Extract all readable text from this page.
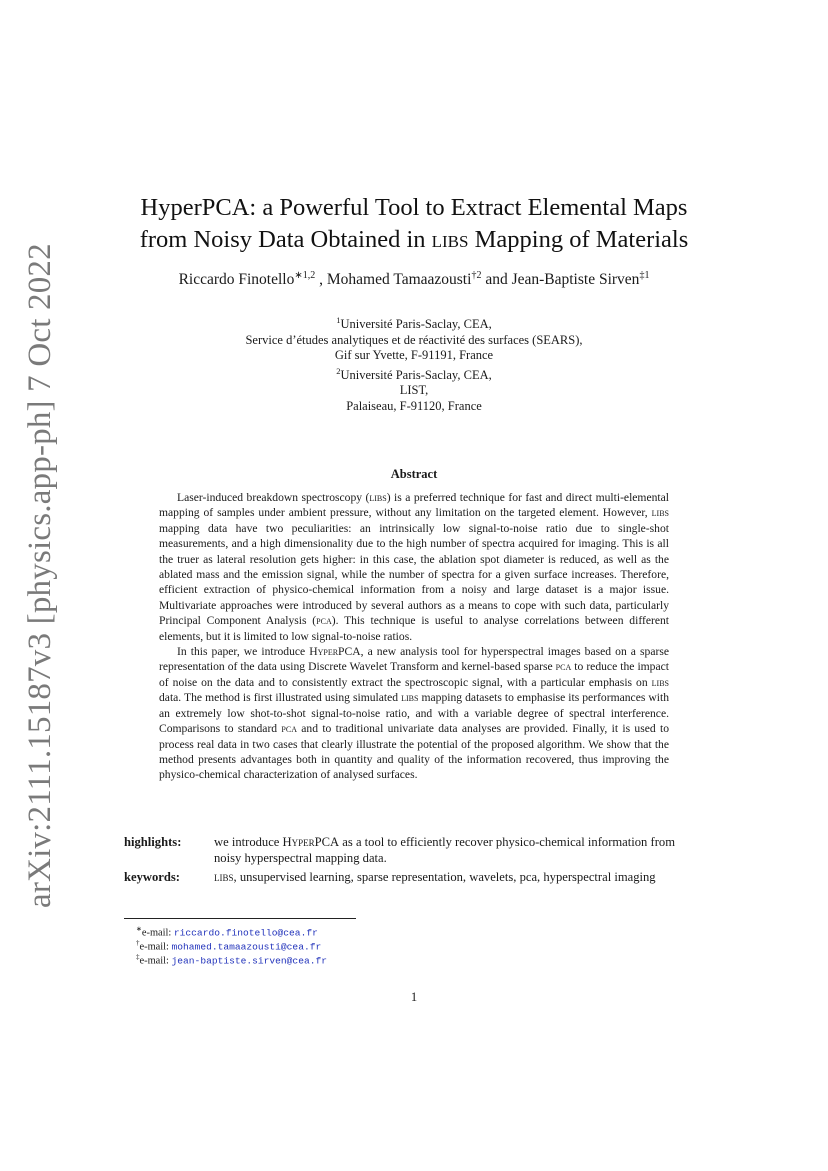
arXiv:2111.15187v3 [physics.app-ph] 7 Oct 2022
HyperPCA: a Powerful Tool to Extract Elemental Maps
from Noisy Data Obtained in libs Mapping of Materials
Riccardo Finotello$^{∗1,2}$ , Mohamed Tamaazousti$^{\dagger 2}$ and Jean-Baptiste Sirven$^{\ddagger 1}$
$^1$Université Paris-Saclay, CEA,
Service d’études analytiques et de réactivité des surfaces (SEARS),
Gif sur Yvette, F-91191, France
$^2$Université Paris-Saclay, CEA,
LIST,
Palaiseau, F-91120, France
Abstract

Laser-induced breakdown spectroscopy (libs) is a preferred technique for fast and direct multi-elemental mapping of samples under ambient pressure, without any limitation on the targeted element. However, libs mapping data have two peculiarities: an intrinsically low signal-to-noise ratio due to single-shot measurements, and a high dimensionality due to the high number of spectra acquired for imaging. This is all the truer as lateral resolution gets higher: in this case, the ablation spot diameter is reduced, as well as the ablated mass and the emission signal, while the number of spectra for a given surface increases. Therefore, efficient extraction of physico-chemical information from a noisy and large dataset is a major issue. Multivariate approaches were introduced by several authors as a means to cope with such data, particularly Principal Component Analysis (pca). This technique is useful to analyse correlations between different elements, but it is limited to low signal-to-noise ratios.

In this paper, we introduce HyperPCA, a new analysis tool for hyperspectral images based on a sparse representation of the data using Discrete Wavelet Transform and kernel-based sparse pca to reduce the impact of noise on the data and to consistently extract the spectroscopic signal, with a particular emphasis on libs data. The method is first illustrated using simulated libs mapping datasets to emphasise its performances with an extremely low shot-to-shot signal-to-noise ratio, and with a variable degree of spectral interference. Comparisons to standard pca and to traditional univariate data analyses are provided. Finally, it is used to process real data in two cases that clearly illustrate the potential of the proposed algorithm. We show that the method presents advantages both in quantity and quality of the information recovered, thus improving the physico-chemical characterization of analysed surfaces.

highlights:	we introduce HyperPCA as a tool to efficiently recover physico-chemical information from noisy hyperspectral mapping data.
keywords:	libs, unsupervised learning, sparse representation, wavelets, pca, hyperspectral imaging
∗e-mail: riccardo.finotello@cea.fr
†e-mail: mohamed.tamaazousti@cea.fr
‡e-mail: jean-baptiste.sirven@cea.fr
1
